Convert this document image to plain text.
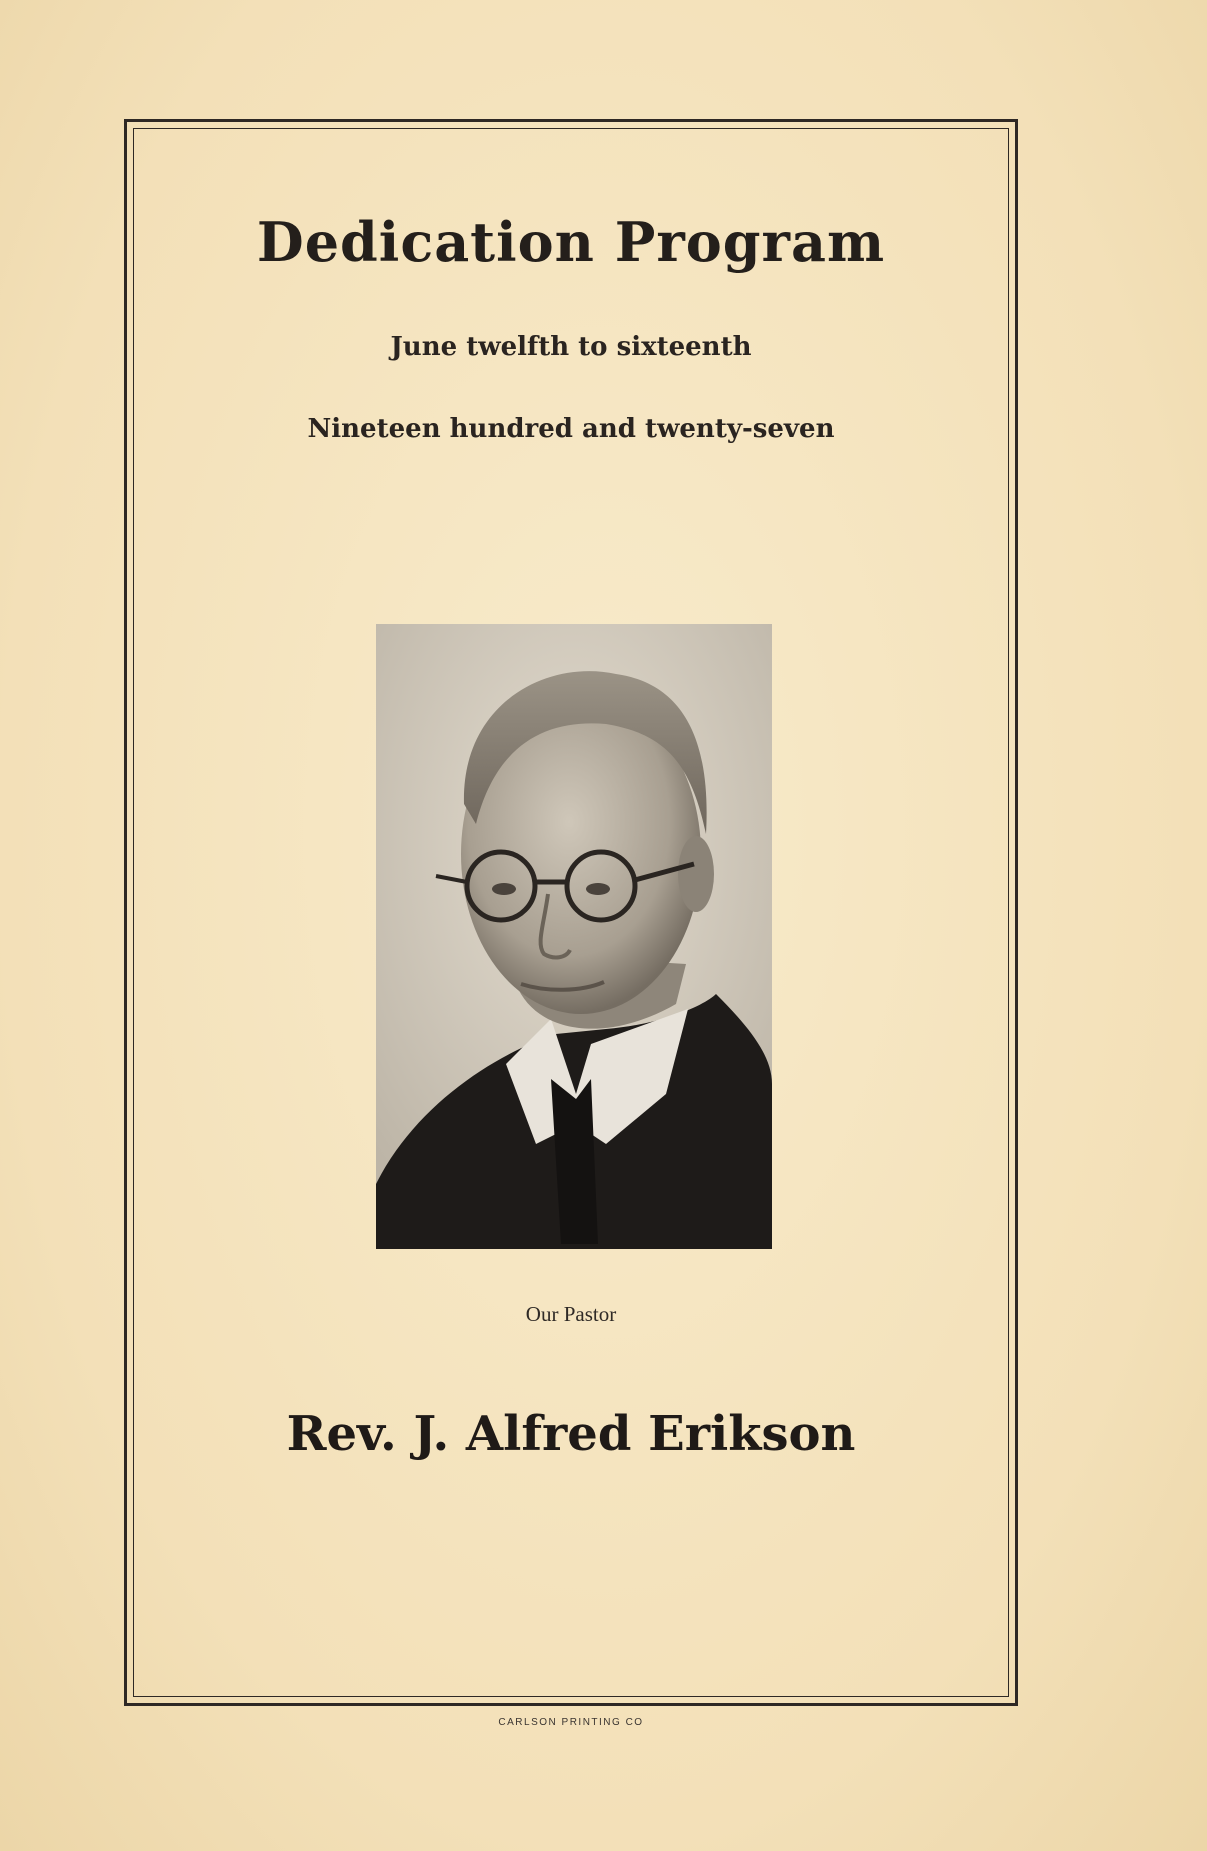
Dedication Program
June twelfth to sixteenth
Nineteen hundred and twenty-seven
Our Pastor
Rev. J. Alfred Erikson
CARLSON PRINTING CO
